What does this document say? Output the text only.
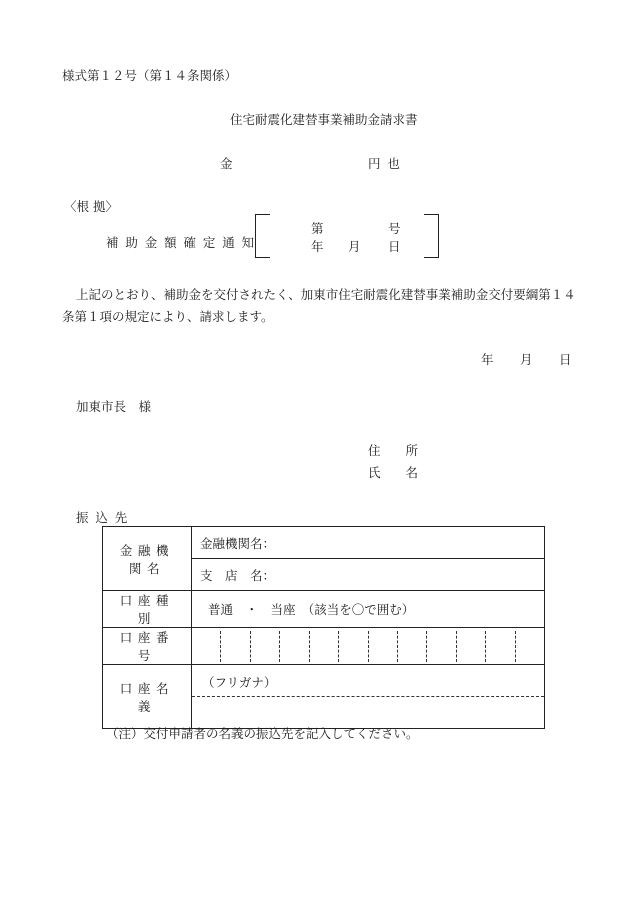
様式第１２号（第１４条関係）
住宅耐震化建替事業補助金請求書
金	円也
〈根 拠〉
補助金額確定通知
第	号
年 月 日
上記のとおり、補助金を交付されたく、加東市住宅耐震化建替事業補助金交付要綱第１４
条第１項の規定により、請求します。
年 月 日
加東市長　様
住　　所
氏　　名
振込先
金融機関名	金融機関名：
	支　店　名：
口座種別	普通　・　当座　（該当を〇で囲む）
口座番号	

口座名義	（フリガナ）
（注）交付申請者の名義の振込先を記入してください。
